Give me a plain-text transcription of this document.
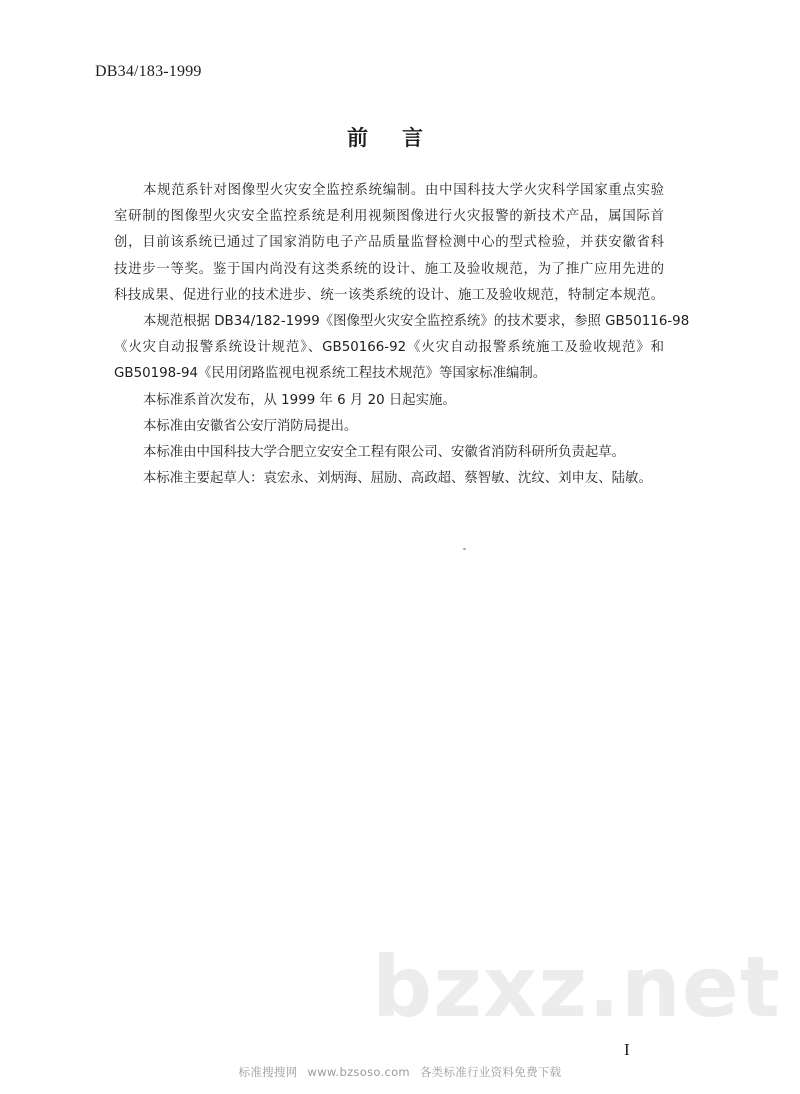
DB34/183-1999
前 言
本规范系针对图像型火灾安全监控系统编制。由中国科技大学火灾科学国家重点实验
室研制的图像型火灾安全监控系统是利用视频图像进行火灾报警的新技术产品，属国际首
创，目前该系统已通过了国家消防电子产品质量监督检测中心的型式检验，并获安徽省科
技进步一等奖。鉴于国内尚没有这类系统的设计、施工及验收规范，为了推广应用先进的
科技成果、促进行业的技术进步、统一该类系统的设计、施工及验收规范，特制定本规范。
本规范根据 DB34/182-1999《图像型火灾安全监控系统》的技术要求，参照 GB50116-98
《火灾自动报警系统设计规范》、GB50166-92《火灾自动报警系统施工及验收规范》和
GB50198-94《民用闭路监视电视系统工程技术规范》等国家标准编制。
本标准系首次发布，从 1999 年 6 月 20 日起实施。
本标准由安徽省公安厅消防局提出。
本标准由中国科技大学合肥立安安全工程有限公司、安徽省消防科研所负责起草。
本标准主要起草人：袁宏永、刘炳海、屈励、高政超、蔡智敏、沈纹、刘申友、陆敏。
bzxz.net
I
标准搜搜网 www.bzsoso.com 各类标准行业资料免费下载
